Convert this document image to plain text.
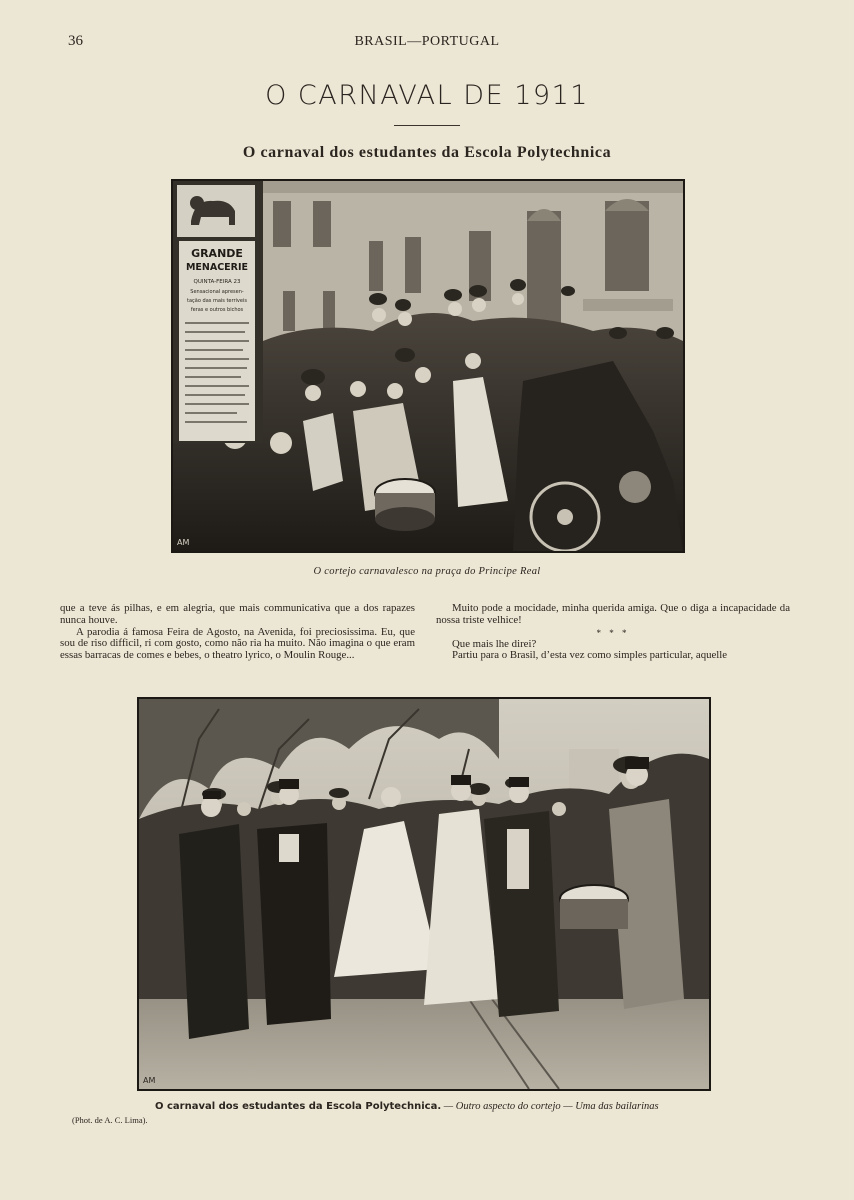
36	BRASIL—PORTUGAL
O CARNAVAL DE 1911
O carnaval dos estudantes da Escola Polytechnica
GRANDE
MENACERIE
QUINTA-FEIRA 23
Sensacional apresen-
tação das mais terriveis
feras e outros bichos
AM
O cortejo carnavalesco na praça do Principe Real

que a teve ás pilhas, e em alegria, que mais communicativa que a dos rapazes nunca houve.

A parodia á famosa Feira de Agosto, na Avenida, foi preciosissima. Eu, que sou de riso difficil, ri com gosto, como não ria ha muito. Não imagina o que eram essas barracas de comes e bebes, o theatro lyrico, o Moulin Rouge...

Muito pode a mocidade, minha querida amiga. Que o diga a incapacidade da nossa triste velhice!

* * *

Que mais lhe direi?

Partiu para o Brasil, d’esta vez como simples particular, aquelle

AM
O carnaval dos estudantes da Escola Polytechnica. — Outro aspecto do cortejo — Uma das bailarinas
(Phot. de A. C. Lima).
